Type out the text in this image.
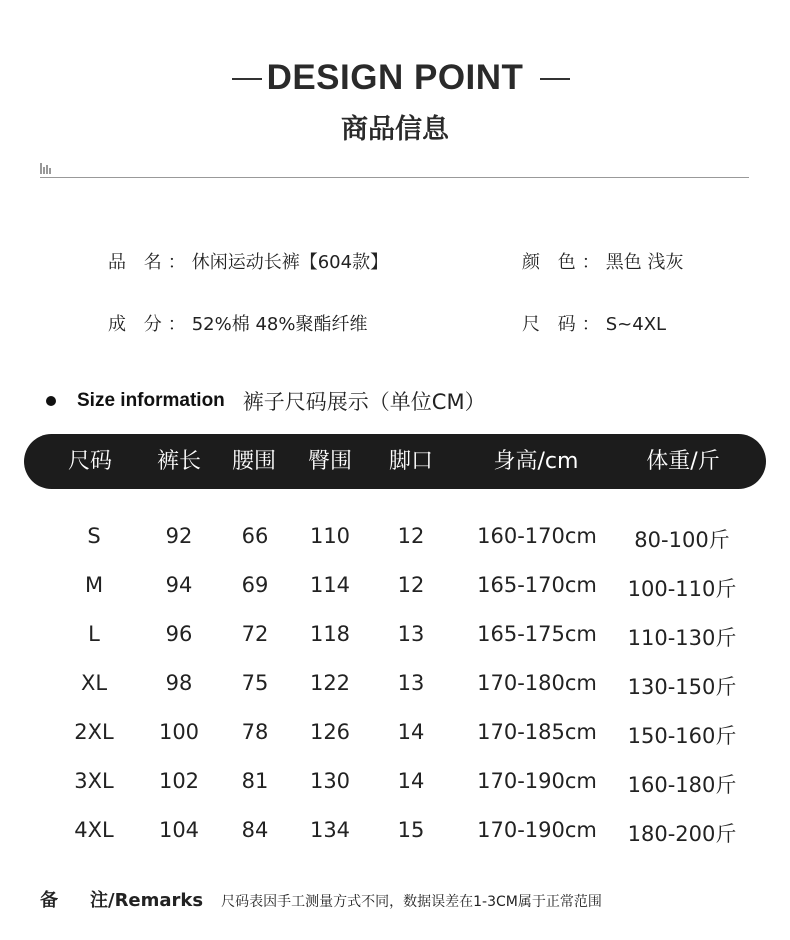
DESIGN POINT
商品信息
品 名：休闲运动长裤【604款】	颜 色：黑色 浅灰
成 分：52%棉 48%聚酯纤维	尺 码：S~4XL
Size information 裤子尺码展示（单位CM）
尺码 裤长 腰围 臀围 脚口	身高/cm	体重/斤
S	92 66 110 12	160-170cm 80-100斤
M	94 69 114 12	165-170cm 100-110斤
L	96 72 118 13	165-175cm 110-130斤
XL	98 75 122 13	170-180cm 130-150斤
2XL 100 78 126 14	170-185cm 150-160斤
3XL 102 81 130 14	170-190cm 160-180斤
4XL 104 84 134 15	170-190cm 180-200斤
备 注/Remarks 尺码表因手工测量方式不同，数据误差在1-3CM属于正常范围
